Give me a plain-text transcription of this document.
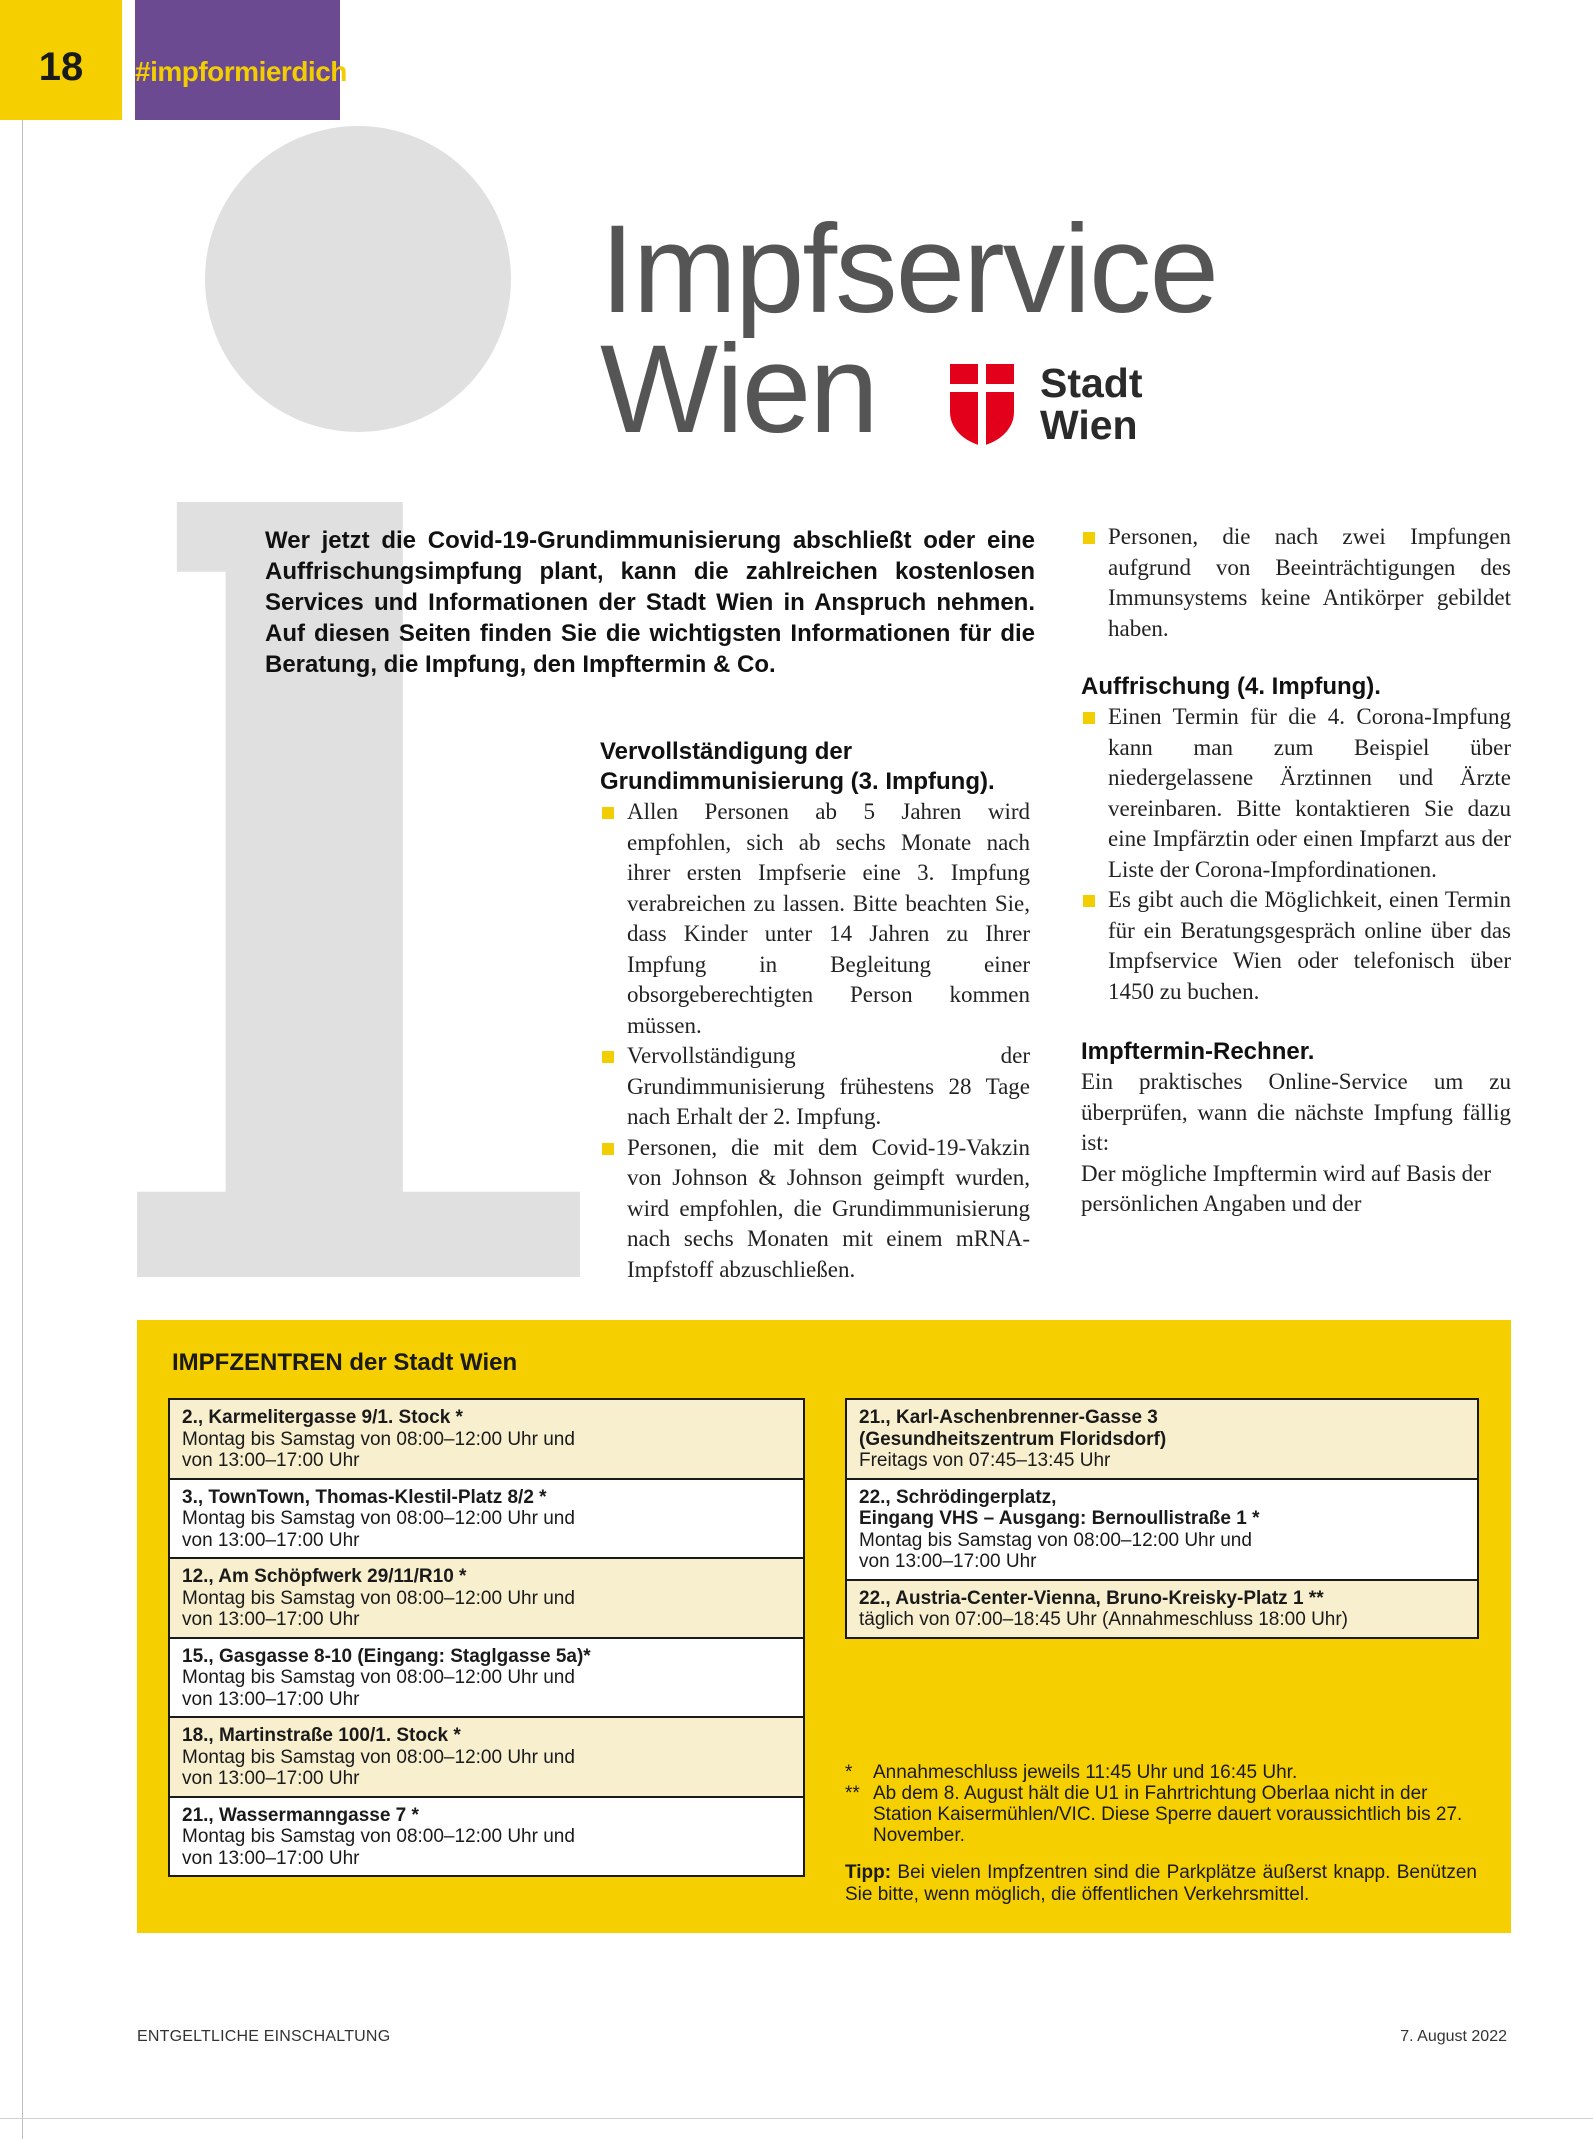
18	#impformierdich
Impfservice
Wien	Stadt
Wien

Wer jetzt die Covid-19-Grundimmunisierung abschließt oder eine Auffrischungsimpfung plant, kann die zahlreichen kostenlosen Services und Informationen der Stadt Wien in Anspruch nehmen. Auf diesen Seiten finden Sie die wichtigsten Informationen für die Beratung, die Impfung, den Impftermin & Co.

Vervollständigung der Grundimmunisierung (3. Impfung).
Allen Personen ab 5 Jahren wird empfohlen, sich ab sechs Monate nach ihrer ersten Impfserie eine 3. Impfung verabreichen zu lassen. Bitte beachten Sie, dass Kinder unter 14 Jahren zu Ihrer Impfung in Begleitung einer obsorgeberechtigten Person kommen müssen.
Vervollständigung der Grundimmunisierung frühestens 28 Tage nach Erhalt der 2. Impfung.
Personen, die mit dem Covid-19-Vakzin von Johnson & Johnson geimpft wurden, wird empfohlen, die Grundimmunisierung nach sechs Monaten mit einem mRNA-Impfstoff abzuschließen.
Personen, die nach zwei Impfungen aufgrund von Beeinträchtigungen des Immunsystems keine Antikörper gebildet haben.
Auffrischung (4. Impfung).
Einen Termin für die 4. Corona-Impfung kann man zum Beispiel über niedergelassene Ärztinnen und Ärzte vereinbaren. Bitte kontaktieren Sie dazu eine Impfärztin oder einen Impfarzt aus der Liste der Corona-Impfordinationen.
Es gibt auch die Möglichkeit, einen Termin für ein Beratungsgespräch online über das Impfservice Wien oder telefonisch über 1450 zu buchen.
Impftermin-Rechner.

Ein praktisches Online-Service um zu überprüfen, wann die nächste Impfung fällig ist:

Der mögliche Impftermin wird auf Basis der persönlichen Angaben und der

IMPFZENTREN der Stadt Wien
2., Karmelitergasse 9/1. Stock *
Montag bis Samstag von 08:00–12:00 Uhr und
von 13:00–17:00 Uhr
3., TownTown, Thomas-Klestil-Platz 8/2 *
Montag bis Samstag von 08:00–12:00 Uhr und
von 13:00–17:00 Uhr
12., Am Schöpfwerk 29/11/R10 *
Montag bis Samstag von 08:00–12:00 Uhr und
von 13:00–17:00 Uhr
15., Gasgasse 8-10 (Eingang: Staglgasse 5a)*
Montag bis Samstag von 08:00–12:00 Uhr und
von 13:00–17:00 Uhr
18., Martinstraße 100/1. Stock *
Montag bis Samstag von 08:00–12:00 Uhr und
von 13:00–17:00 Uhr
21., Wassermanngasse 7 *
Montag bis Samstag von 08:00–12:00 Uhr und
von 13:00–17:00 Uhr
21., Karl-Aschenbrenner-Gasse 3
(Gesundheitszentrum Floridsdorf)
Freitags von 07:45–13:45 Uhr
22., Schrödingerplatz,
Eingang VHS – Ausgang: Bernoullistraße 1 *
Montag bis Samstag von 08:00–12:00 Uhr und
von 13:00–17:00 Uhr
22., Austria-Center-Vienna, Bruno-Kreisky-Platz 1 **
täglich von 07:00–18:45 Uhr (Annahmeschluss 18:00 Uhr)
* Annahmeschluss jeweils 11:45 Uhr und 16:45 Uhr.
** Ab dem 8. August hält die U1 in Fahrtrichtung Oberlaa nicht in der Station Kaisermühlen/VIC. Diese Sperre dauert voraussichtlich bis 27. November.

Tipp: Bei vielen Impfzentren sind die Parkplätze äußerst knapp. Benützen Sie bitte, wenn möglich, die öffentlichen Verkehrsmittel.

ENTGELTLICHE EINSCHALTUNG	7. August 2022
